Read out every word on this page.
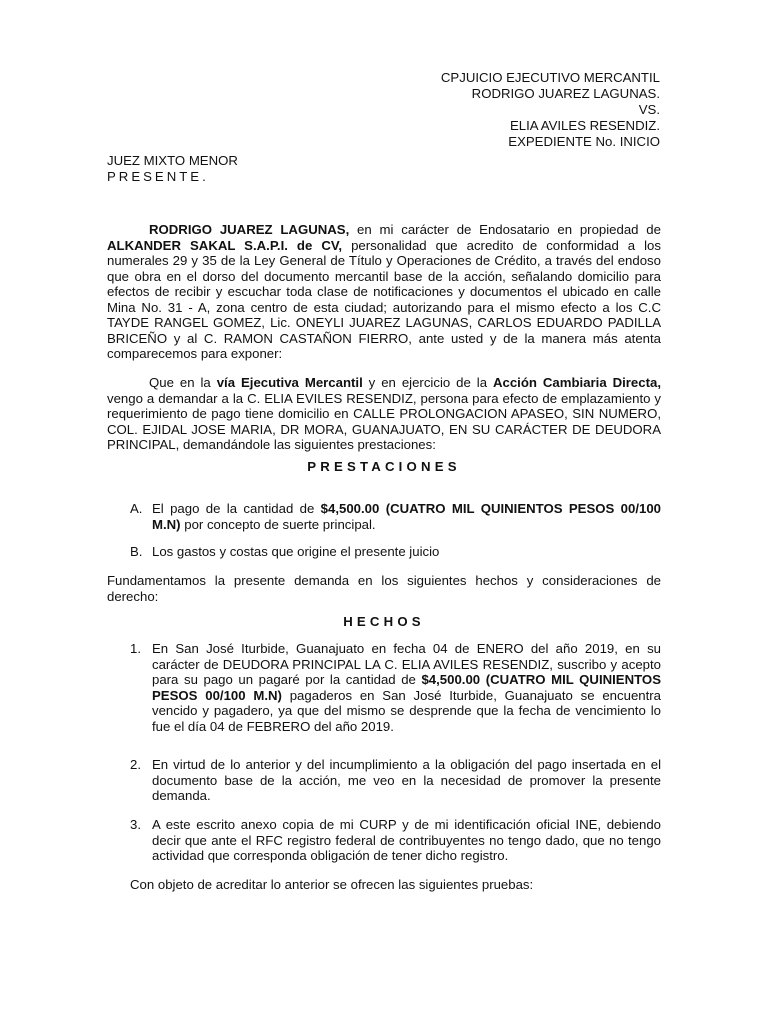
CPJUICIO EJECUTIVO MERCANTIL
RODRIGO JUAREZ LAGUNAS.
VS.
ELIA AVILES RESENDIZ.
EXPEDIENTE No. INICIO
JUEZ MIXTO MENOR
PRESENTE.
RODRIGO JUAREZ LAGUNAS, en mi carácter de Endosatario en propiedad de ALKANDER SAKAL S.A.P.I. de CV, personalidad que acredito de conformidad a los numerales 29 y 35 de la Ley General de Título y Operaciones de Crédito, a través del endoso que obra en el dorso del documento mercantil base de la acción, señalando domicilio para efectos de recibir y escuchar toda clase de notificaciones y documentos el ubicado en calle Mina No. 31 - A, zona centro de esta ciudad; autorizando para el mismo efecto a los C.C TAYDE RANGEL GOMEZ, Lic. ONEYLI JUAREZ LAGUNAS, CARLOS EDUARDO PADILLA BRICEÑO y al C. RAMON CASTAÑON FIERRO, ante usted y de la manera más atenta comparecemos para exponer:
Que en la vía Ejecutiva Mercantil y en ejercicio de la Acción Cambiaria Directa, vengo a demandar a la C. ELIA EVILES RESENDIZ, persona para efecto de emplazamiento y requerimiento de pago tiene domicilio en CALLE PROLONGACION APASEO, SIN NUMERO, COL. EJIDAL JOSE MARIA, DR MORA, GUANAJUATO, EN SU CARÁCTER DE DEUDORA PRINCIPAL, demandándole las siguientes prestaciones:
PRESTACIONES
A. El pago de la cantidad de $4,500.00 (CUATRO MIL QUINIENTOS PESOS 00/100 M.N) por concepto de suerte principal.
B. Los gastos y costas que origine el presente juicio
Fundamentamos la presente demanda en los siguientes hechos y consideraciones de derecho:
HECHOS
1. En San José Iturbide, Guanajuato en fecha 04 de ENERO del año 2019, en su carácter de DEUDORA PRINCIPAL LA C. ELIA AVILES RESENDIZ, suscribo y acepto para su pago un pagaré por la cantidad de $4,500.00 (CUATRO MIL QUINIENTOS PESOS 00/100 M.N) pagaderos en San José Iturbide, Guanajuato se encuentra vencido y pagadero, ya que del mismo se desprende que la fecha de vencimiento lo fue el día 04 de FEBRERO del año 2019.
2. En virtud de lo anterior y del incumplimiento a la obligación del pago insertada en el documento base de la acción, me veo en la necesidad de promover la presente demanda.
3. A este escrito anexo copia de mi CURP y de mi identificación oficial INE, debiendo decir que ante el RFC registro federal de contribuyentes no tengo dado, que no tengo actividad que corresponda obligación de tener dicho registro.
Con objeto de acreditar lo anterior se ofrecen las siguientes pruebas:
